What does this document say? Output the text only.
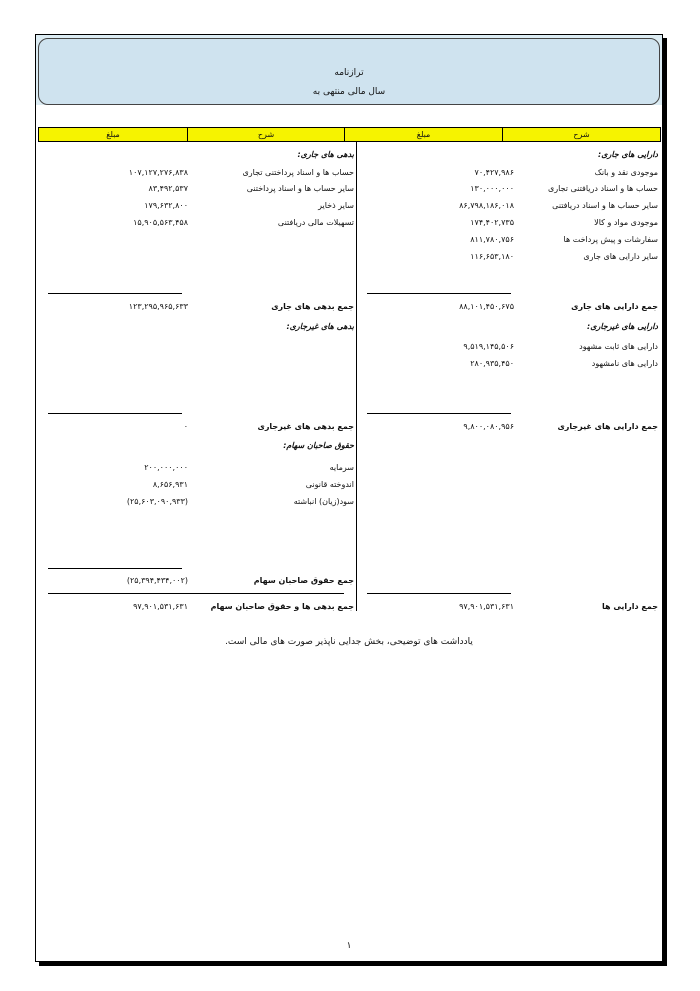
ترازنامه
سال مالی منتهی به
شرح
مبلغ
شرح
مبلغ
دارایی های جاری:
موجودی نقد و بانک
۷۰,۴۲۷,۹۸۶
حساب ها و اسناد دریافتنی تجاری
۱۳۰,۰۰۰,۰۰۰
سایر حساب ها و اسناد دریافتنی
۸۶,۷۹۸,۱۸۶,۰۱۸
موجودی مواد و کالا
۱۷۴,۴۰۲,۷۳۵
سفارشات و پیش پرداخت ها
۸۱۱,۷۸۰,۷۵۶
سایر دارایی های جاری
۱۱۶,۶۵۳,۱۸۰
جمع دارایی های جاری
۸۸,۱۰۱,۴۵۰,۶۷۵
دارایی های غیرجاری:
دارایی های ثابت مشهود
۹,۵۱۹,۱۴۵,۵۰۶
دارایی های نامشهود
۲۸۰,۹۳۵,۴۵۰
جمع دارایی های غیرجاری
۹,۸۰۰,۰۸۰,۹۵۶
جمع دارایی ها
۹۷,۹۰۱,۵۳۱,۶۳۱
بدهی های جاری:
حساب ها و اسناد پرداختنی تجاری
۱۰۷,۱۲۷,۲۷۶,۸۳۸
سایر حساب ها و اسناد پرداختنی
۸۳,۴۹۲,۵۳۷
سایر ذخایر
۱۷۹,۶۳۲,۸۰۰
تسهیلات مالی دریافتنی
۱۵,۹۰۵,۵۶۳,۴۵۸
جمع بدهی های جاری
۱۲۳,۲۹۵,۹۶۵,۶۳۳
بدهی های غیرجاری:
جمع بدهی های غیرجاری
۰
حقوق صاحبان سهام:
سرمایه
۲۰۰,۰۰۰,۰۰۰
اندوخته قانونی
۸,۶۵۶,۹۳۱
سود(زیان) انباشته
(۲۵,۶۰۳,۰۹۰,۹۳۳)
جمع حقوق صاحبان سهام
(۲۵,۳۹۴,۴۳۴,۰۰۲)
جمع بدهی ها و حقوق صاحبان سهام
۹۷,۹۰۱,۵۳۱,۶۳۱
یادداشت های توضیحی، بخش جدایی ناپذیر صورت های مالی است.
۱
